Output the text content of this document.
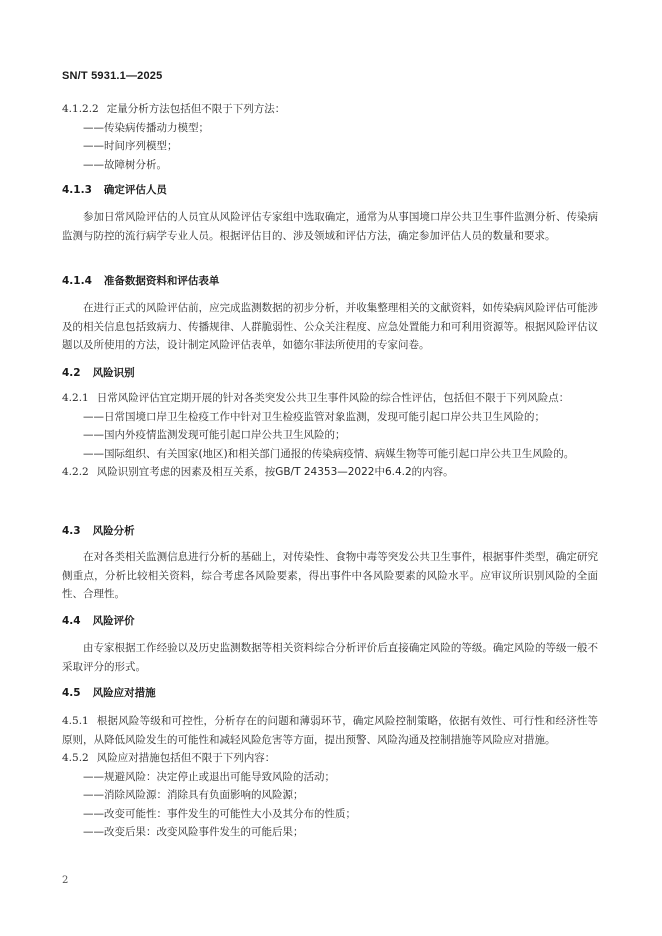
SN/T 5931.1—2025
4.1.2.2 定量分析方法包括但不限于下列方法：
——传染病传播动力模型；
——时间序列模型；
——故障树分析。
4.1.3 确定评估人员
参加日常风险评估的人员宜从风险评估专家组中选取确定，通常为从事国境口岸公共卫生事件监测分析、传染病监测与防控的流行病学专业人员。根据评估目的、涉及领域和评估方法，确定参加评估人员的数量和要求。
4.1.4 准备数据资料和评估表单
在进行正式的风险评估前，应完成监测数据的初步分析，并收集整理相关的文献资料，如传染病风险评估可能涉及的相关信息包括致病力、传播规律、人群脆弱性、公众关注程度、应急处置能力和可利用资源等。根据风险评估议题以及所使用的方法，设计制定风险评估表单，如德尔菲法所使用的专家问卷。
4.2 风险识别
4.2.1 日常风险评估宜定期开展的针对各类突发公共卫生事件风险的综合性评估，包括但不限于下列风险点：
——日常国境口岸卫生检疫工作中针对卫生检疫监管对象监测，发现可能引起口岸公共卫生风险的；
——国内外疫情监测发现可能引起口岸公共卫生风险的；
——国际组织、有关国家(地区)和相关部门通报的传染病疫情、病媒生物等可能引起口岸公共卫生风险的。
4.2.2 风险识别宜考虑的因素及相互关系，按GB/T 24353—2022中6.4.2的内容。
4.3 风险分析
在对各类相关监测信息进行分析的基础上，对传染性、食物中毒等突发公共卫生事件，根据事件类型，确定研究侧重点，分析比较相关资料，综合考虑各风险要素，得出事件中各风险要素的风险水平。应审议所识别风险的全面性、合理性。
4.4 风险评价
由专家根据工作经验以及历史监测数据等相关资料综合分析评价后直接确定风险的等级。确定风险的等级一般不采取评分的形式。
4.5 风险应对措施
4.5.1 根据风险等级和可控性，分析存在的问题和薄弱环节，确定风险控制策略，依据有效性、可行性和经济性等原则，从降低风险发生的可能性和减轻风险危害等方面，提出预警、风险沟通及控制措施等风险应对措施。
4.5.2 风险应对措施包括但不限于下列内容：
——规避风险：决定停止或退出可能导致风险的活动；
——消除风险源：消除具有负面影响的风险源；
——改变可能性：事件发生的可能性大小及其分布的性质；
——改变后果：改变风险事件发生的可能后果；
2
